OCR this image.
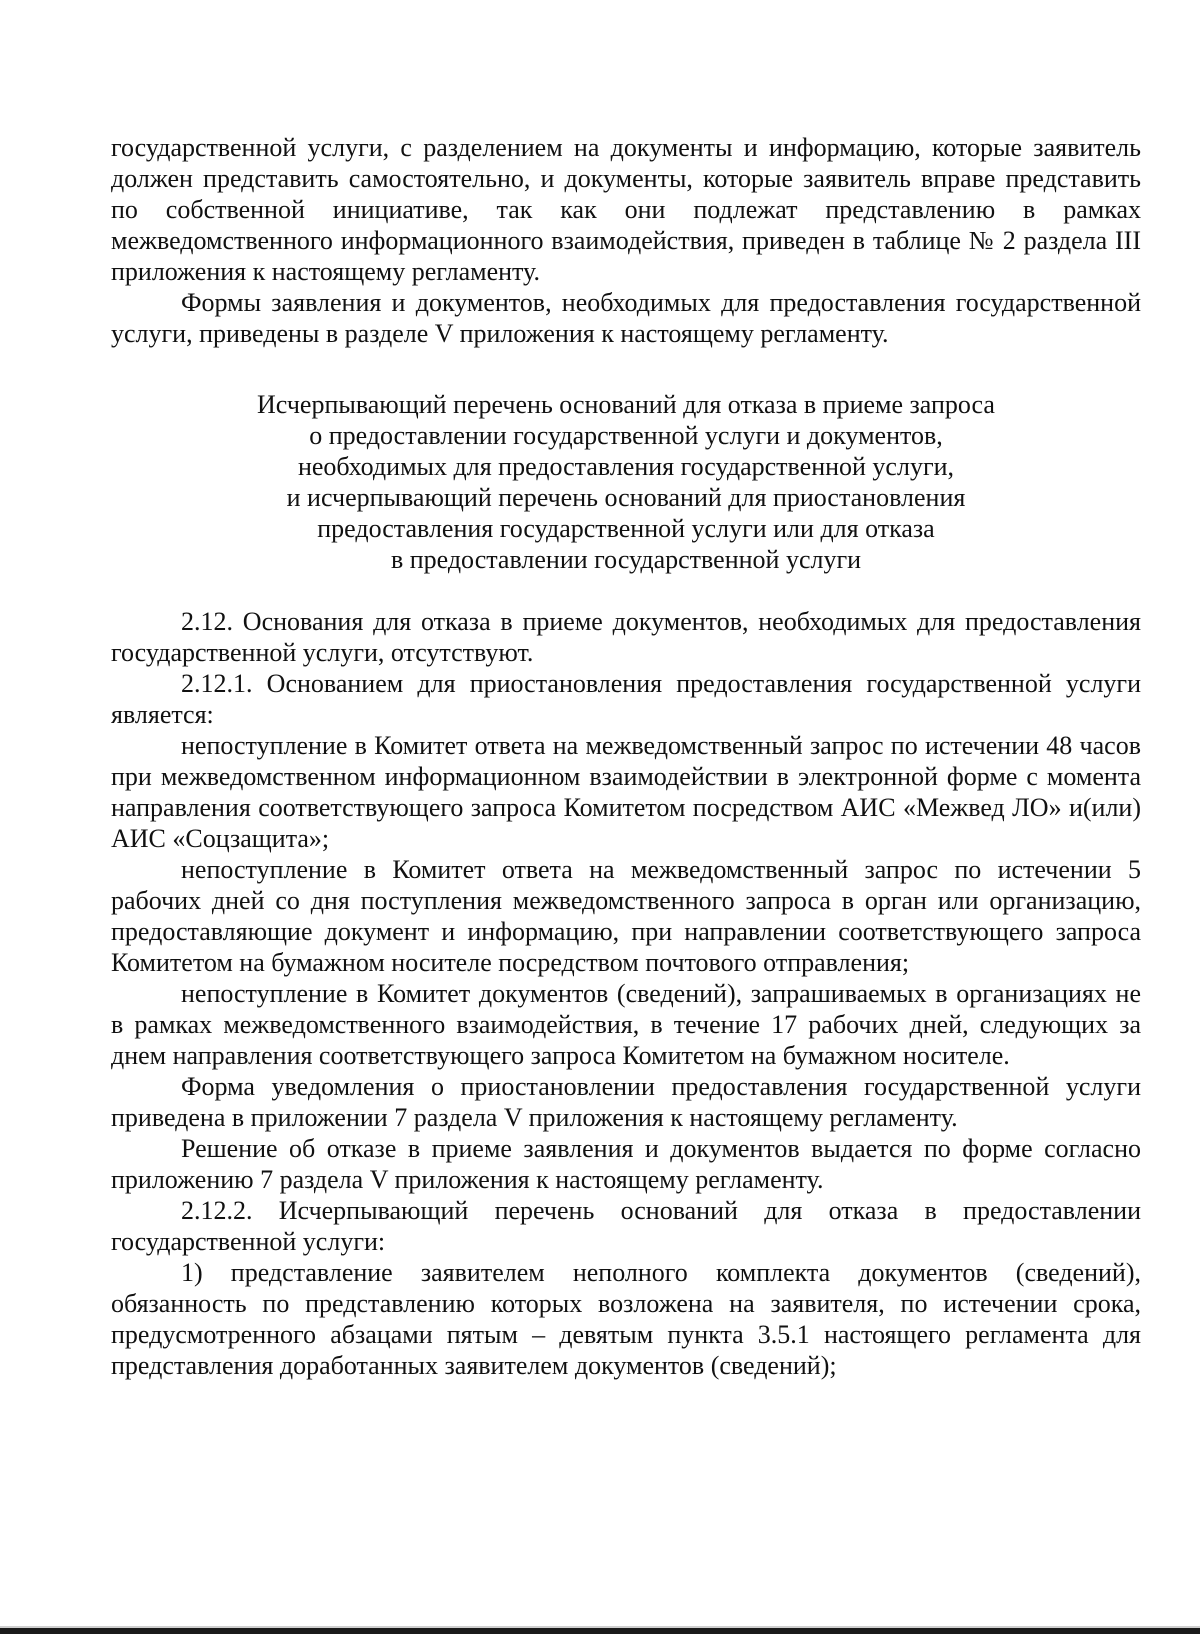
государственной услуги, с разделением на документы и информацию, которые заявитель должен представить самостоятельно, и документы, которые заявитель вправе представить по собственной инициативе, так как они подлежат представлению в рамках межведомственного информационного взаимодействия, приведен в таблице № 2 раздела III приложения к настоящему регламенту.

Формы заявления и документов, необходимых для предоставления государственной услуги, приведены в разделе V приложения к настоящему регламенту.

Исчерпывающий перечень оснований для отказа в приеме запроса

о предоставлении государственной услуги и документов,

необходимых для предоставления государственной услуги,

и исчерпывающий перечень оснований для приостановления

предоставления государственной услуги или для отказа

в предоставлении государственной услуги

2.12. Основания для отказа в приеме документов, необходимых для предоставления государственной услуги, отсутствуют.

2.12.1. Основанием для приостановления предоставления государственной услуги является:

непоступление в Комитет ответа на межведомственный запрос по истечении 48 часов при межведомственном информационном взаимодействии в электронной форме с момента направления соответствующего запроса Комитетом посредством АИС «Межвед ЛО» и(или) АИС «Соцзащита»;

непоступление в Комитет ответа на межведомственный запрос по истечении 5 рабочих дней со дня поступления межведомственного запроса в орган или организацию, предоставляющие документ и информацию, при направлении соответствующего запроса Комитетом на бумажном носителе посредством почтового отправления;

непоступление в Комитет документов (сведений), запрашиваемых в организациях не в рамках межведомственного взаимодействия, в течение 17 рабочих дней, следующих за днем направления соответствующего запроса Комитетом на бумажном носителе.

Форма уведомления о приостановлении предоставления государственной услуги приведена в приложении 7 раздела V приложения к настоящему регламенту.

Решение об отказе в приеме заявления и документов выдается по форме согласно приложению 7 раздела V приложения к настоящему регламенту.

2.12.2. Исчерпывающий перечень оснований для отказа в предоставлении государственной услуги:

1) представление заявителем неполного комплекта документов (сведений), обязанность по представлению которых возложена на заявителя, по истечении срока, предусмотренного абзацами пятым – девятым пункта 3.5.1 настоящего регламента для представления доработанных заявителем документов (сведений);
